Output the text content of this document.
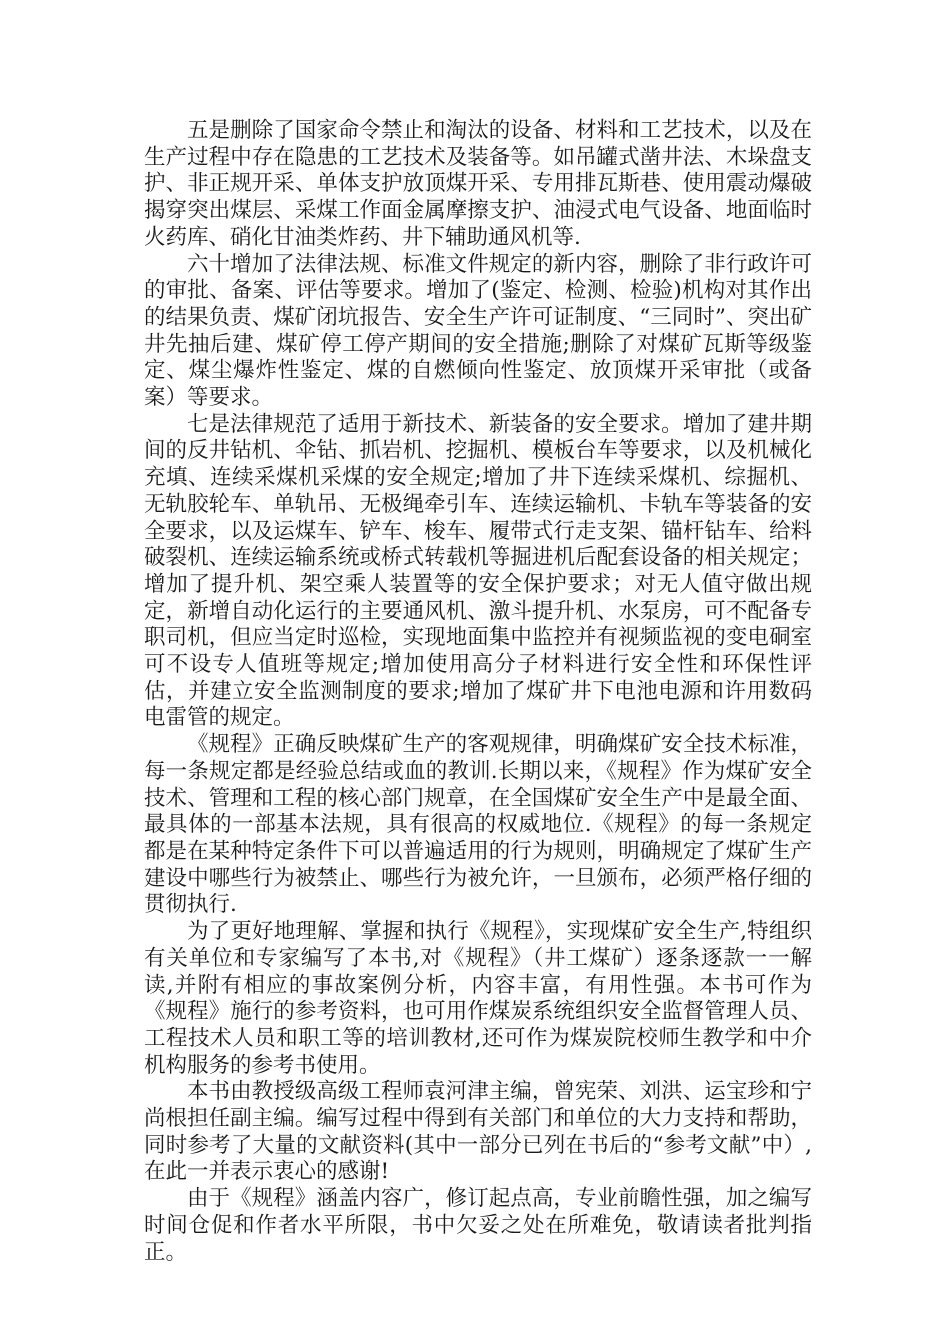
五是删除了国家命令禁止和淘汰的设备、材料和工艺技术，以及在生产过程中存在隐患的工艺技术及装备等。如吊罐式凿井法、木垛盘支护、非正规开采、单体支护放顶煤开采、专用排瓦斯巷、使用震动爆破揭穿突出煤层、采煤工作面金属摩擦支护、油浸式电气设备、地面临时火药库、硝化甘油类炸药、井下辅助通风机等.

六十增加了法律法规、标准文件规定的新内容，删除了非行政许可的审批、备案、评估等要求。增加了(鉴定、检测、检验)机构对其作出的结果负责、煤矿闭坑报告、安全生产许可证制度、“三同时”、突出矿井先抽后建、煤矿停工停产期间的安全措施;删除了对煤矿瓦斯等级鉴定、煤尘爆炸性鉴定、煤的自燃倾向性鉴定、放顶煤开采审批（或备案）等要求。

七是法律规范了适用于新技术、新装备的安全要求。增加了建井期间的反井钻机、伞钻、抓岩机、挖掘机、模板台车等要求，以及机械化充填、连续采煤机采煤的安全规定;增加了井下连续采煤机、综掘机、无轨胶轮车、单轨吊、无极绳牵引车、连续运输机、卡轨车等装备的安全要求，以及运煤车、铲车、梭车、履带式行走支架、锚杆钻车、给料破裂机、连续运输系统或桥式转载机等掘进机后配套设备的相关规定；增加了提升机、架空乘人装置等的安全保护要求；对无人值守做出规定，新增自动化运行的主要通风机、激斗提升机、水泵房，可不配备专职司机，但应当定时巡检，实现地面集中监控并有视频监视的变电硐室可不设专人值班等规定;增加使用高分子材料进行安全性和环保性评估，并建立安全监测制度的要求;增加了煤矿井下电池电源和许用数码电雷管的规定。

《规程》正确反映煤矿生产的客观规律，明确煤矿安全技术标准，每一条规定都是经验总结或血的教训.长期以来，《规程》作为煤矿安全技术、管理和工程的核心部门规章，在全国煤矿安全生产中是最全面、最具体的一部基本法规，具有很高的权威地位.《规程》的每一条规定都是在某种特定条件下可以普遍适用的行为规则，明确规定了煤矿生产建设中哪些行为被禁止、哪些行为被允许，一旦颁布，必须严格仔细的贯彻执行.

为了更好地理解、掌握和执行《规程》，实现煤矿安全生产,特组织有关单位和专家编写了本书,对《规程》（井工煤矿）逐条逐款一一解读,并附有相应的事故案例分析，内容丰富，有用性强。本书可作为《规程》施行的参考资料，也可用作煤炭系统组织安全监督管理人员、工程技术人员和职工等的培训教材,还可作为煤炭院校师生教学和中介机构服务的参考书使用。

本书由教授级高级工程师袁河津主编，曾宪荣、刘洪、运宝珍和宁尚根担任副主编。编写过程中得到有关部门和单位的大力支持和帮助，同时参考了大量的文献资料(其中一部分已列在书后的“参考文献”中）,在此一并表示衷心的感谢!

由于《规程》涵盖内容广，修订起点高，专业前瞻性强，加之编写时间仓促和作者水平所限，书中欠妥之处在所难免，敬请读者批判指正。
